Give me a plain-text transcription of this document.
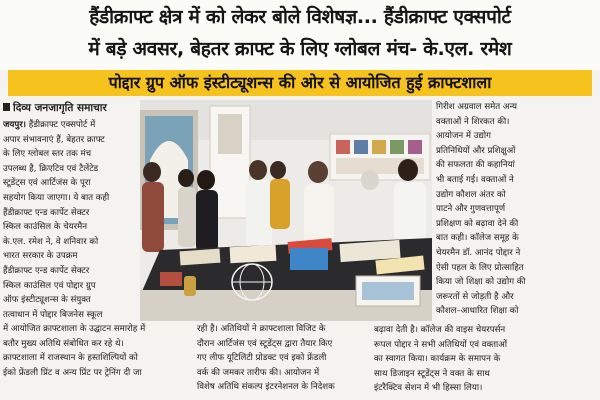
हैंडीक्राफ्ट क्षेत्र में को लेकर बोले विशेषज्ञ... हैंडीक्राफ्ट एक्सपोर्ट
में बड़े अवसर, बेहतर क्राफ्ट के लिए ग्लोबल मंच- के.एल. रमेश
पोद्दार ग्रुप ऑफ इंस्टीट्यूशन्स की ओर से आयोजित हुई क्राफ्टशाला
दिव्य जनजागृति समाचार
जयपुर। हैंडीक्राफ्ट एक्सपोर्ट में
अपार संभावनाएं हैं, बेहतर क्राफ्ट
के लिए ग्लोबल स्तर तक मंच
उपलब्ध है, क्रिएटिव एवं टैलेंटेड
स्टूडेंट्स एवं आर्टिजंस के पूरा
सहयोग किया जाएगा। ये बात कही
हैंडीक्राफ्ट एन्ड कार्पेट सेक्टर
स्किल काउंसिल के चेयरमैन
के.एल. रमेश ने, वे शनिवार को
भारत सरकार के उपक्रम
हैंडीक्राफ्ट एन्ड कार्पेट सेक्टर
स्किल काउंसिल एवं पोद्दार ग्रुप
ऑफ इंस्टीट्यूशन्स के संयुक्त
तत्वाधान में पोद्दार बिजनेस स्कूल
में आयोजित क्राफ्टशाला के उद्घाटन समारोह में
बतौर मुख्य अतिथि संबोधित कर रहे थे।
क्राफ्टशाला में राजस्थान के हस्तशिल्पियों को
ईको फ्रेंडली प्रिंट व अन्य प्रिंट पर ट्रेनिंग दी जा
रही है। अतिथियों ने क्राफ्टशाला विजिट के
दौरान आर्टिजंस एवं स्टूडेंट्स द्वारा तैयार किए
गए लीफ यूटिलिटी प्रोडक्ट एवं इको फ्रेंडली
वर्क की जमकर तारीफ की। आयोजन में
विशेष अतिथि संकल्प इंटरनेशनल के निदेशक
गिरीश अग्रवाल समेत अन्य
वक्ताओं ने शिरकत की।
आयोजन में उद्योग
प्रतिनिधियों और प्रशिक्षुओं
की सफलता की कहानियां
भी बताई गई। वक्ताओं ने
उद्योग कौशल अंतर को
पाटने और गुणवत्तापूर्ण
प्रशिक्षण को बढ़ावा देने की
बात कही। कॉलेज समूह के
चेयरमैन डॉ. आनंद पोद्दार ने
ऐसी पहल के लिए प्रोत्साहित
किया जो शिक्षा को उद्योग की
जरूरतों से जोड़ती है और
कौशल–आधारित शिक्षा को
बढ़ावा देती है। कॉलेज की वाइस चेयरपर्सन
रूपल पोद्दार ने सभी अतिथियों एवं वक्ताओं
का स्वागत किया। कार्यक्रम के समापन के
साथ डिजाइन स्टूडेंट्स ने वक्त के साथ
इंटरैक्टिव सेशन में भी हिस्सा लिया।
